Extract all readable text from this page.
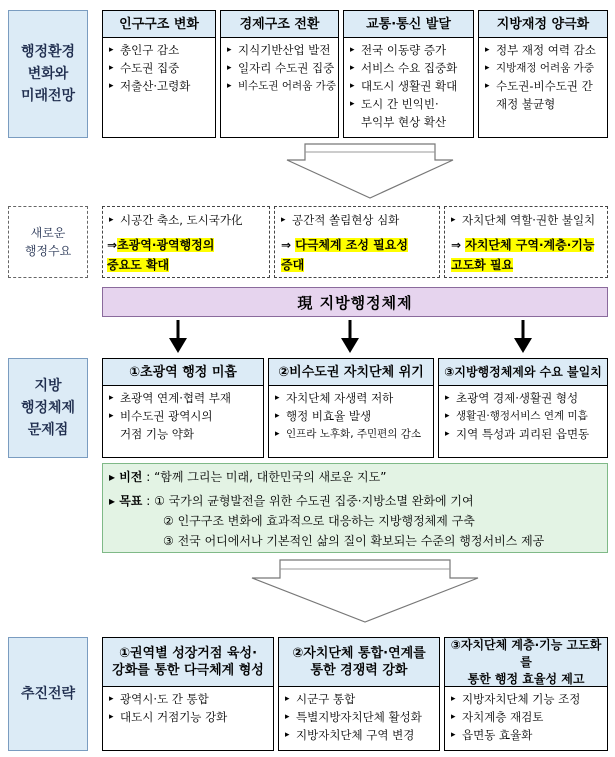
행정환경
변화와
미래전망
인구구조 변화
▸ 총인구 감소
▸ 수도권 집중
▸ 저출산·고령화
경제구조 전환
▸ 지식기반산업 발전
▸ 일자리 수도권 집중
▸ 비수도권 어려움 가중
교통·통신 발달
▸ 전국 이동량 증가
▸ 서비스 수요 집중화
▸ 대도시 생활권 확대
▸ 도시 간 빈익빈·
부익부 현상 확산
지방재정 양극화
▸ 정부 재정 여력 감소
▸ 지방재정 어려움 가중
▸ 수도권-비수도권 간
재정 불균형
새로운
행정수요
▸ 시공간 축소, 도시국가化
⇒초광역·광역행정의
중요도 확대
▸ 공간적 쏠림현상 심화
⇒ 다극체계 조성 필요성
증대
▸ 자치단체 역할·권한 불일치
⇒ 자치단체 구역·계층·기능
고도화 필요
現 지방행정체제
지방
행정체제
문제점
①초광역 행정 미흡
▸ 초광역 연계·협력 부재
▸ 비수도권 광역시의
거점 기능 약화
②비수도권 자치단체 위기
▸ 자치단체 자생력 저하
▸ 행정 비효율 발생
▸ 인프라 노후화, 주민편의 감소
③지방행정체제와 수요 불일치
▸ 초광역 경제·생활권 형성
▸ 생활권·행정서비스 연계 미흡
▸ 지역 특성과 괴리된 읍면동
▸ 비전 : “함께 그리는 미래, 대한민국의 새로운 지도”
▸ 목표 : ① 국가의 균형발전을 위한 수도권 집중·지방소멸 완화에 기여
② 인구구조 변화에 효과적으로 대응하는 지방행정체제 구축
③ 전국 어디에서나 기본적인 삶의 질이 확보되는 수준의 행정서비스 제공
추진전략
①권역별 성장거점 육성·
강화를 통한 다극체계 형성
▸ 광역시·도 간 통합
▸ 대도시 거점기능 강화
②자치단체 통합·연계를
통한 경쟁력 강화
▸ 시군구 통합
▸ 특별지방자치단체 활성화
▸ 지방자치단체 구역 변경
③자치단체 계층·기능 고도화를
통한 행정 효율성 제고
▸ 지방자치단체 기능 조정
▸ 자치계층 재검토
▸ 읍면동 효율화
